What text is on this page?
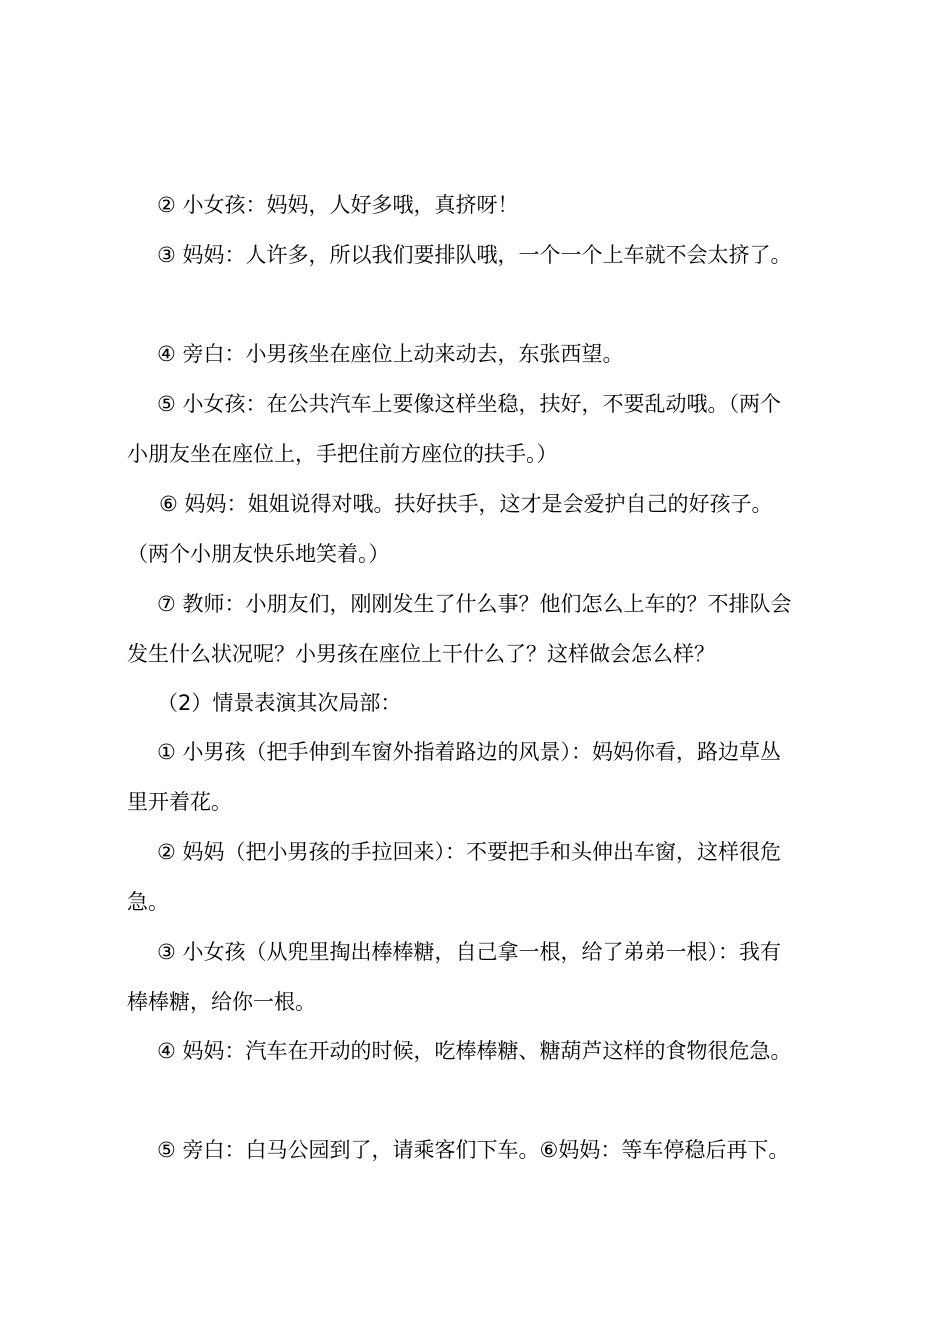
② 小女孩：妈妈，人好多哦，真挤呀！
③ 妈妈：人许多，所以我们要排队哦，一个一个上车就不会太挤了。
④ 旁白：小男孩坐在座位上动来动去，东张西望。
⑤ 小女孩：在公共汽车上要像这样坐稳，扶好，不要乱动哦。（两个
小朋友坐在座位上，手把住前方座位的扶手。）
⑥ 妈妈：姐姐说得对哦。扶好扶手，这才是会爱护自己的好孩子。
（两个小朋友快乐地笑着。）
⑦ 教师：小朋友们，刚刚发生了什么事？他们怎么上车的？不排队会
发生什么状况呢？小男孩在座位上干什么了？这样做会怎么样？
（2）情景表演其次局部：
① 小男孩（把手伸到车窗外指着路边的风景）：妈妈你看，路边草丛
里开着花。
② 妈妈（把小男孩的手拉回来）：不要把手和头伸出车窗，这样很危
急。
③ 小女孩（从兜里掏出棒棒糖，自己拿一根，给了弟弟一根）：我有
棒棒糖，给你一根。
④ 妈妈：汽车在开动的时候，吃棒棒糖、糖葫芦这样的食物很危急。
⑤ 旁白：白马公园到了，请乘客们下车。⑥妈妈：等车停稳后再下。
